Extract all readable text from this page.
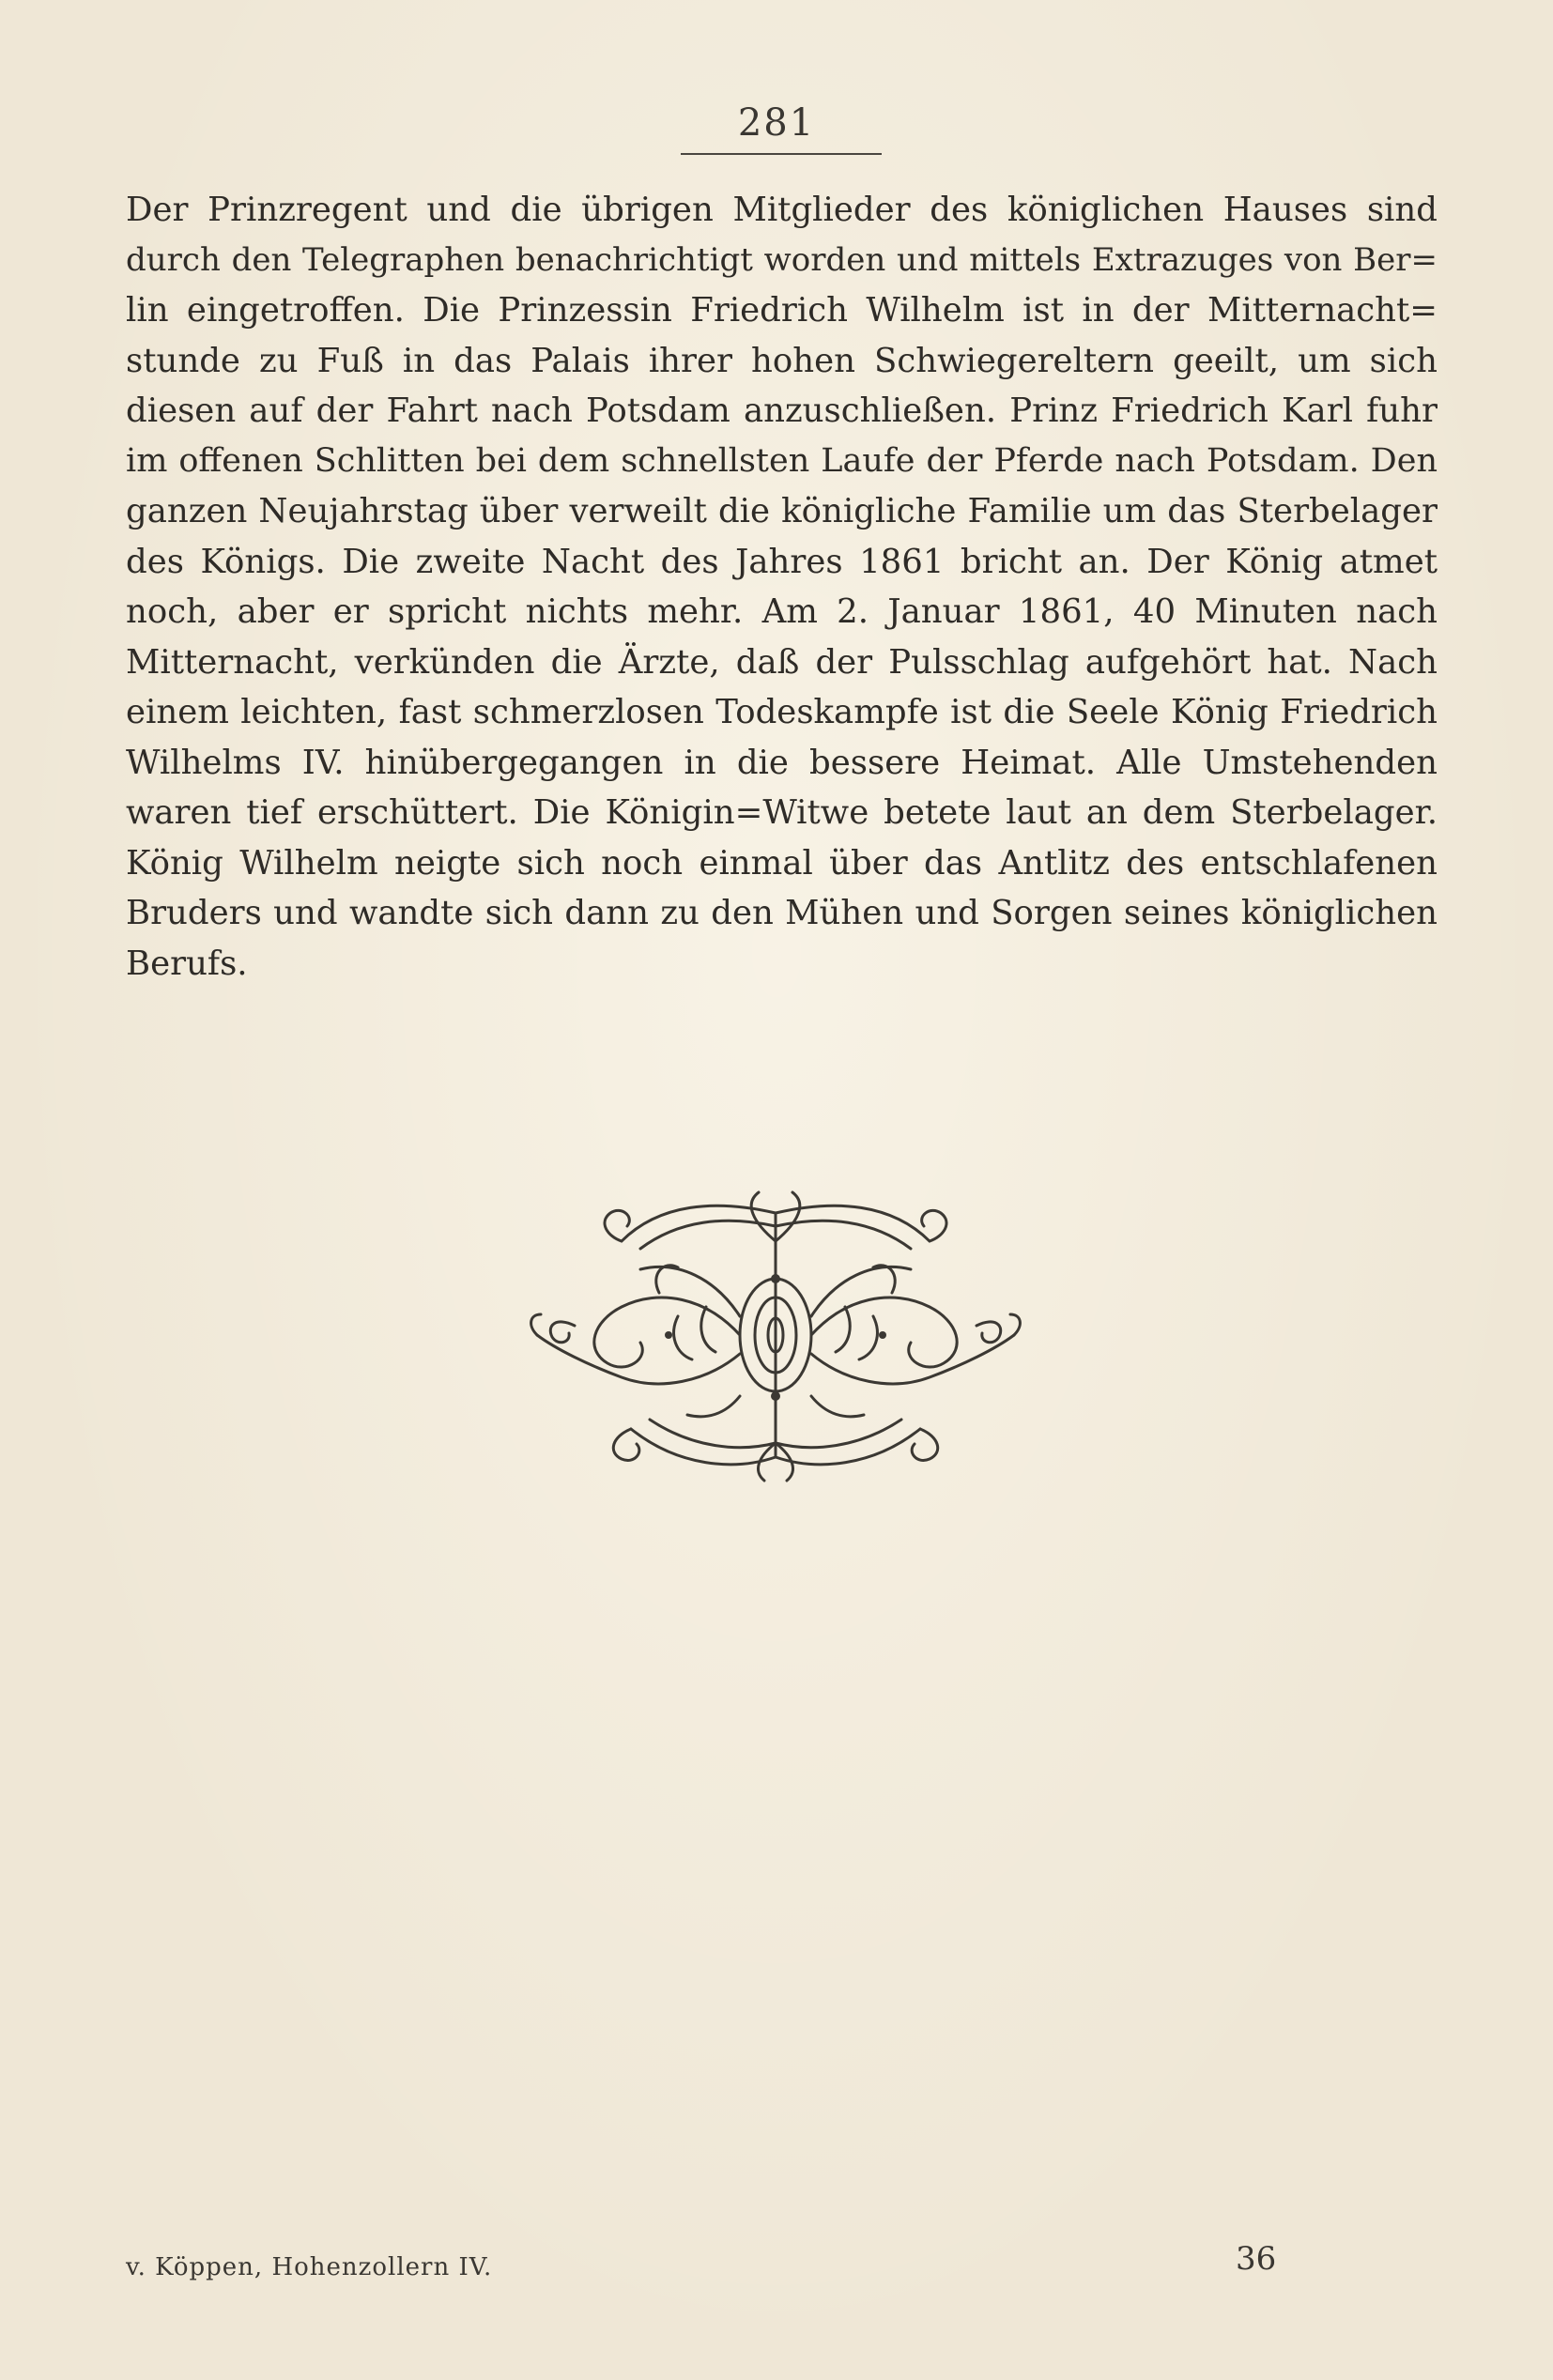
281
Der Prinzregent und die übrigen Mitglieder des königlichen Hauses sind
durch den Telegraphen benachrichtigt worden und mittels Extrazuges von Ber=
lin eingetroffen. Die Prinzessin Friedrich Wilhelm ist in der Mitternacht=
stunde zu Fuß in das Palais ihrer hohen Schwiegereltern geeilt, um sich
diesen auf der Fahrt nach Potsdam anzuschließen. Prinz Friedrich Karl fuhr
im offenen Schlitten bei dem schnellsten Laufe der Pferde nach Potsdam. Den
ganzen Neujahrstag über verweilt die königliche Familie um das Sterbelager
des Königs. Die zweite Nacht des Jahres 1861 bricht an. Der König atmet
noch, aber er spricht nichts mehr. Am 2. Januar 1861, 40 Minuten nach
Mitternacht, verkünden die Ärzte, daß der Pulsschlag aufgehört hat. Nach
einem leichten, fast schmerzlosen Todeskampfe ist die Seele König Friedrich
Wilhelms IV. hinübergegangen in die bessere Heimat. Alle Umstehenden
waren tief erschüttert. Die Königin=Witwe betete laut an dem Sterbelager.
König Wilhelm neigte sich noch einmal über das Antlitz des entschlafenen
Bruders und wandte sich dann zu den Mühen und Sorgen seines königlichen
Berufs.
v. Köppen, Hohenzollern IV.	36
